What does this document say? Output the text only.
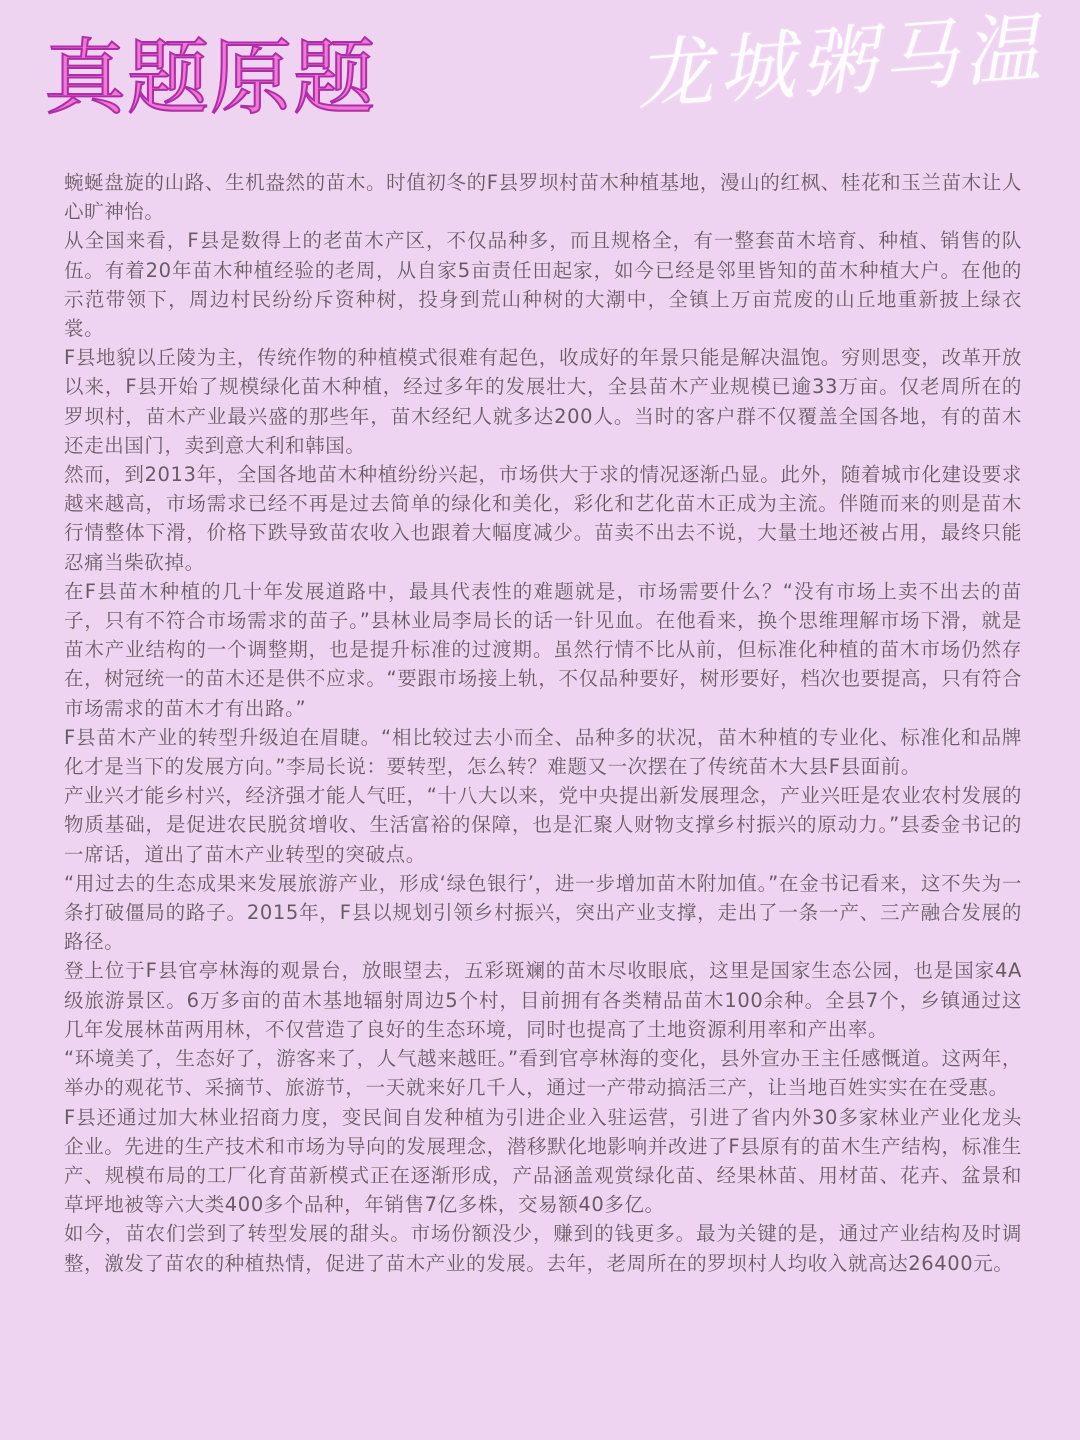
真题原题	龙城粥马温

蜿蜒盘旋的山路、生机盎然的苗木。时值初冬的F县罗坝村苗木种植基地，漫山的红枫、桂花和玉兰苗木让人心旷神怡。

从全国来看，F县是数得上的老苗木产区，不仅品种多，而且规格全，有一整套苗木培育、种植、销售的队伍。有着20年苗木种植经验的老周，从自家5亩责任田起家，如今已经是邻里皆知的苗木种植大户。在他的示范带领下，周边村民纷纷斥资种树，投身到荒山种树的大潮中，全镇上万亩荒废的山丘地重新披上绿衣裳。

F县地貌以丘陵为主，传统作物的种植模式很难有起色，收成好的年景只能是解决温饱。穷则思变，改革开放以来，F县开始了规模绿化苗木种植，经过多年的发展壮大，全县苗木产业规模已逾33万亩。仅老周所在的罗坝村，苗木产业最兴盛的那些年，苗木经纪人就多达200人。当时的客户群不仅覆盖全国各地，有的苗木还走出国门，卖到意大利和韩国。

然而，到2013年，全国各地苗木种植纷纷兴起，市场供大于求的情况逐渐凸显。此外，随着城市化建设要求越来越高，市场需求已经不再是过去简单的绿化和美化，彩化和艺化苗木正成为主流。伴随而来的则是苗木行情整体下滑，价格下跌导致苗农收入也跟着大幅度减少。苗卖不出去不说，大量土地还被占用，最终只能忍痛当柴砍掉。

在F县苗木种植的几十年发展道路中，最具代表性的难题就是，市场需要什么？“没有市场上卖不出去的苗子，只有不符合市场需求的苗子。”县林业局李局长的话一针见血。在他看来，换个思维理解市场下滑，就是苗木产业结构的一个调整期，也是提升标准的过渡期。虽然行情不比从前，但标准化种植的苗木市场仍然存在，树冠统一的苗木还是供不应求。“要跟市场接上轨，不仅品种要好，树形要好，档次也要提高，只有符合市场需求的苗木才有出路。”

F县苗木产业的转型升级迫在眉睫。“相比较过去小而全、品种多的状况，苗木种植的专业化、标准化和品牌化才是当下的发展方向。”李局长说：要转型，怎么转？难题又一次摆在了传统苗木大县F县面前。

产业兴才能乡村兴，经济强才能人气旺，“十八大以来，党中央提出新发展理念，产业兴旺是农业农村发展的物质基础，是促进农民脱贫增收、生活富裕的保障，也是汇聚人财物支撑乡村振兴的原动力。”县委金书记的一席话，道出了苗木产业转型的突破点。

“用过去的生态成果来发展旅游产业，形成‘绿色银行’，进一步增加苗木附加值。”在金书记看来，这不失为一条打破僵局的路子。2015年，F县以规划引领乡村振兴，突出产业支撑，走出了一条一产、三产融合发展的路径。

登上位于F县官亭林海的观景台，放眼望去，五彩斑斓的苗木尽收眼底，这里是国家生态公园，也是国家4A级旅游景区。6万多亩的苗木基地辐射周边5个村，目前拥有各类精品苗木100余种。全县7个，乡镇通过这几年发展林苗两用林，不仅营造了良好的生态环境，同时也提高了土地资源利用率和产出率。

“环境美了，生态好了，游客来了，人气越来越旺。”看到官亭林海的变化，县外宣办王主任感慨道。这两年，举办的观花节、采摘节、旅游节，一天就来好几千人，通过一产带动搞活三产，让当地百姓实实在在受惠。

F县还通过加大林业招商力度，变民间自发种植为引进企业入驻运营，引进了省内外30多家林业产业化龙头企业。先进的生产技术和市场为导向的发展理念，潜移默化地影响并改进了F县原有的苗木生产结构，标准生产、规模布局的工厂化育苗新模式正在逐渐形成，产品涵盖观赏绿化苗、经果林苗、用材苗、花卉、盆景和草坪地被等六大类400多个品种，年销售7亿多株，交易额40多亿。

如今，苗农们尝到了转型发展的甜头。市场份额没少，赚到的钱更多。最为关键的是，通过产业结构及时调整，激发了苗农的种植热情，促进了苗木产业的发展。去年，老周所在的罗坝村人均收入就高达26400元。
